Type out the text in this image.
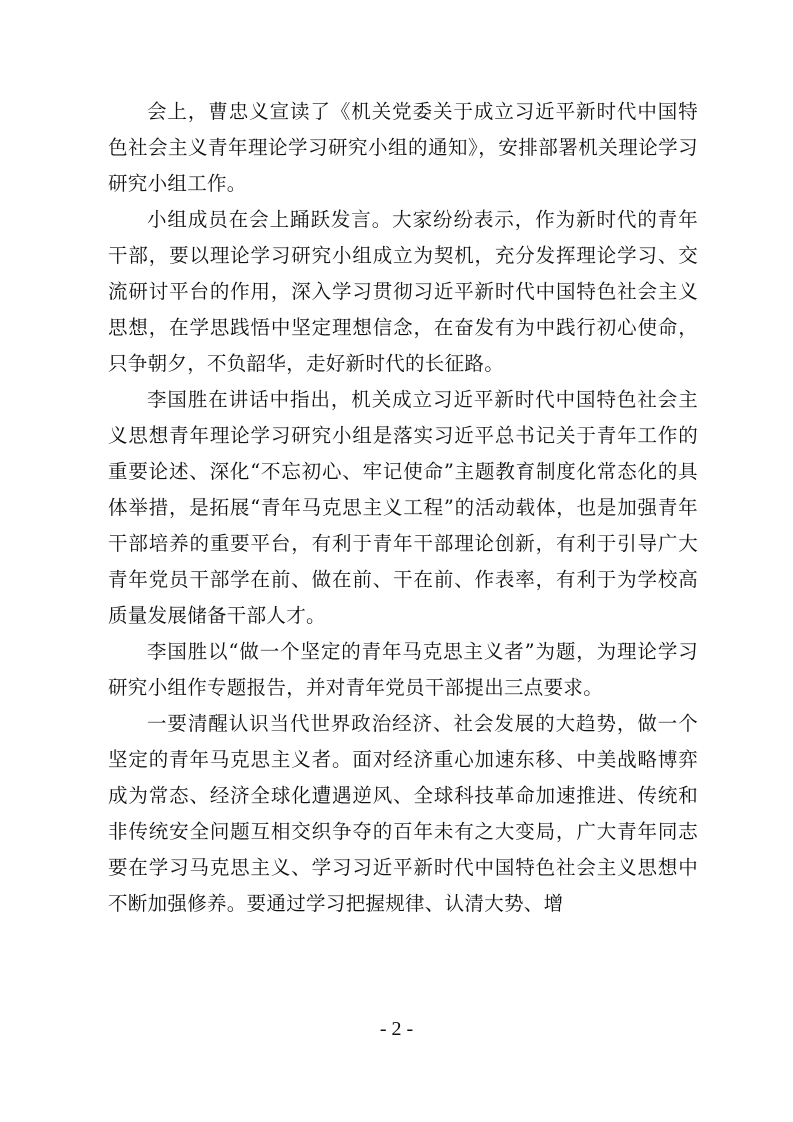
会上，曹忠义宣读了《机关党委关于成立习近平新时代中国特色社会主义青年理论学习研究小组的通知》，安排部署机关理论学习研究小组工作。

小组成员在会上踊跃发言。大家纷纷表示，作为新时代的青年干部，要以理论学习研究小组成立为契机，充分发挥理论学习、交流研讨平台的作用，深入学习贯彻习近平新时代中国特色社会主义思想，在学思践悟中坚定理想信念，在奋发有为中践行初心使命，只争朝夕，不负韶华，走好新时代的长征路。

李国胜在讲话中指出，机关成立习近平新时代中国特色社会主义思想青年理论学习研究小组是落实习近平总书记关于青年工作的重要论述、深化“不忘初心、牢记使命”主题教育制度化常态化的具体举措，是拓展“青年马克思主义工程”的活动载体，也是加强青年干部培养的重要平台，有利于青年干部理论创新，有利于引导广大青年党员干部学在前、做在前、干在前、作表率，有利于为学校高质量发展储备干部人才。

李国胜以“做一个坚定的青年马克思主义者”为题，为理论学习研究小组作专题报告，并对青年党员干部提出三点要求。

一要清醒认识当代世界政治经济、社会发展的大趋势，做一个坚定的青年马克思主义者。面对经济重心加速东移、中美战略博弈成为常态、经济全球化遭遇逆风、全球科技革命加速推进、传统和非传统安全问题互相交织争夺的百年未有之大变局，广大青年同志要在学习马克思主义、学习习近平新时代中国特色社会主义思想中不断加强修养。要通过学习把握规律、认清大势、增

- 2 -
